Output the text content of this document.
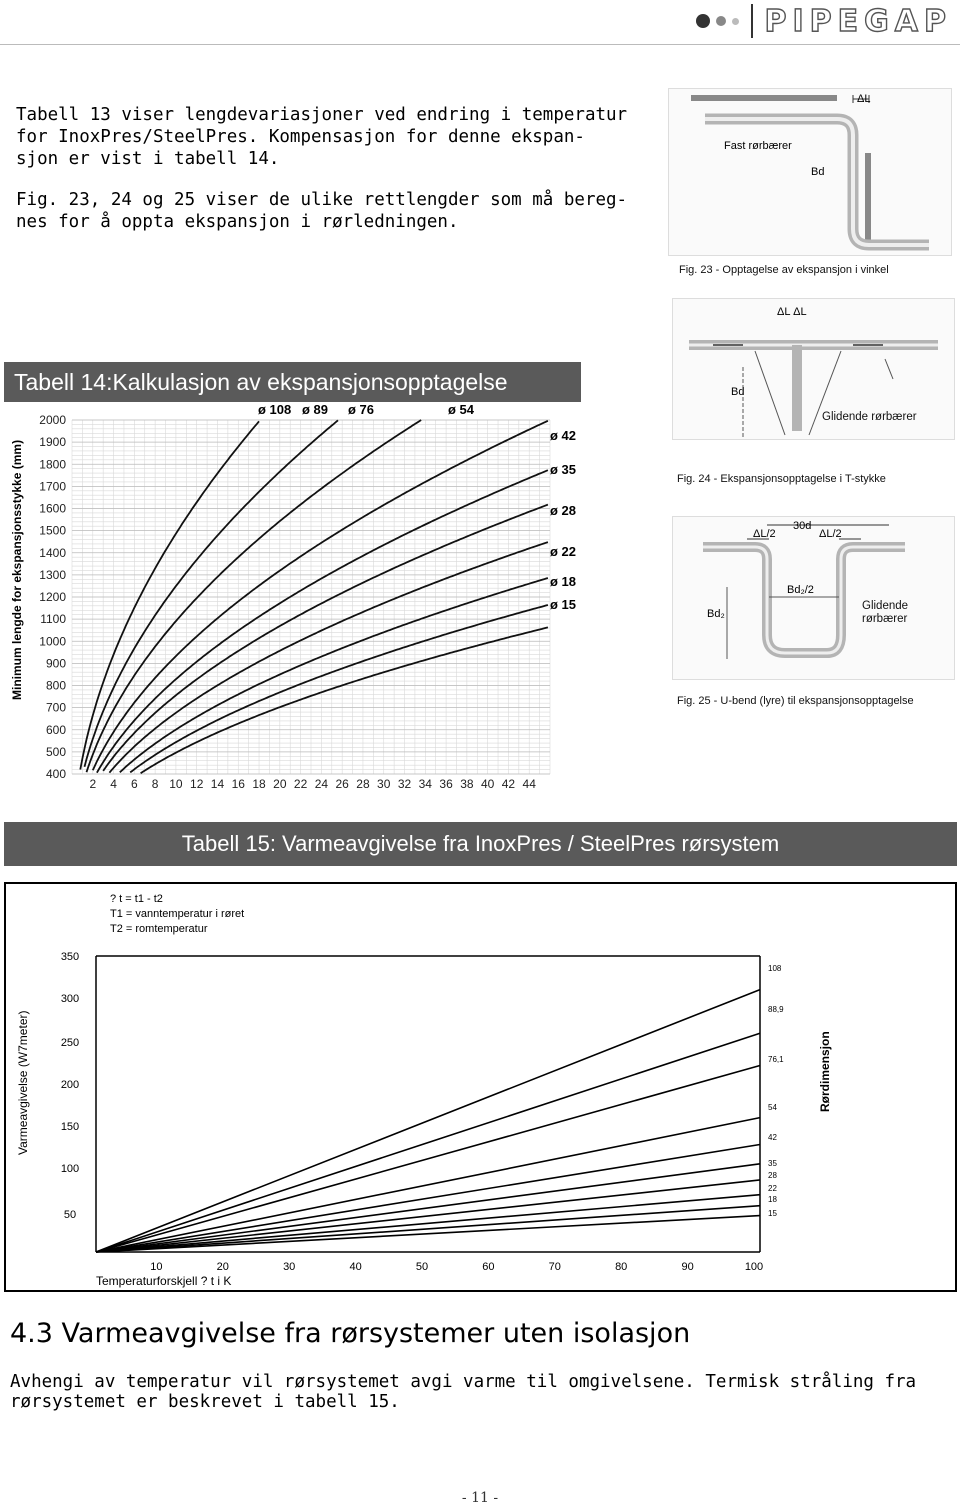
PIPEGAP
Tabell 13 viser lengdevariasjoner ved endring i temperatur
for InoxPres/SteelPres. Kompensasjon for denne ekspan-
sjon er vist i tabell 14.
Fig. 23, 24 og 25 viser de ulike rettlengder som må bereg-
nes for å oppta ekspansjon i rørledningen.
ΔL
Fast rørbærer
Bd
Fig. 23 - Opptagelse av ekspansjon i vinkel
Tabell 14:Kalkulasjon av ekspansjonsopptagelse
Minimum lengde for ekspansjonsstykke (mm)
400
500
600
700
800
900
1000
1100
1200
1300
1400
1500
1600
1700
1800
1900
2000
2 4 6 8 10 12 14 16 18 20 22 24 26 28 30 32 34 36 38 40 42 44
ø 108 ø 89 ø 76	ø 54
ø 42
ø 35
ø 28
ø 22
ø 18
ø 15
ΔL ΔL
Bd
Glidende rørbærer
Fig. 24 - Ekspansjonsopptagelse i T-stykke
30d
ΔL/2	ΔL/2
Bd₂/2
Bd₂
Glidende
rørbærer
Fig. 25 - U-bend (lyre) til ekspansjonsopptagelse
Tabell 15: Varmeavgivelse fra InoxPres / SteelPres rørsystem
? t = t1 - t2
T1 = vanntemperatur i røret
T2 = romtemperatur
Varmeavgivelse (W7meter)	Rørdimensjon
50
100
150
200
250
300
350
10	20	30	40	50	60	70	80	90	100
108
88,9
76,1
54
42
35
28
22
18
15
Temperaturforskjell ? t i K
4.3 Varmeavgivelse fra rørsystemer uten isolasjon
Avhengi av temperatur vil rørsystemet avgi varme til omgivelsene. Termisk stråling fra rørsystemet er beskrevet i tabell 15.
- 11 -
